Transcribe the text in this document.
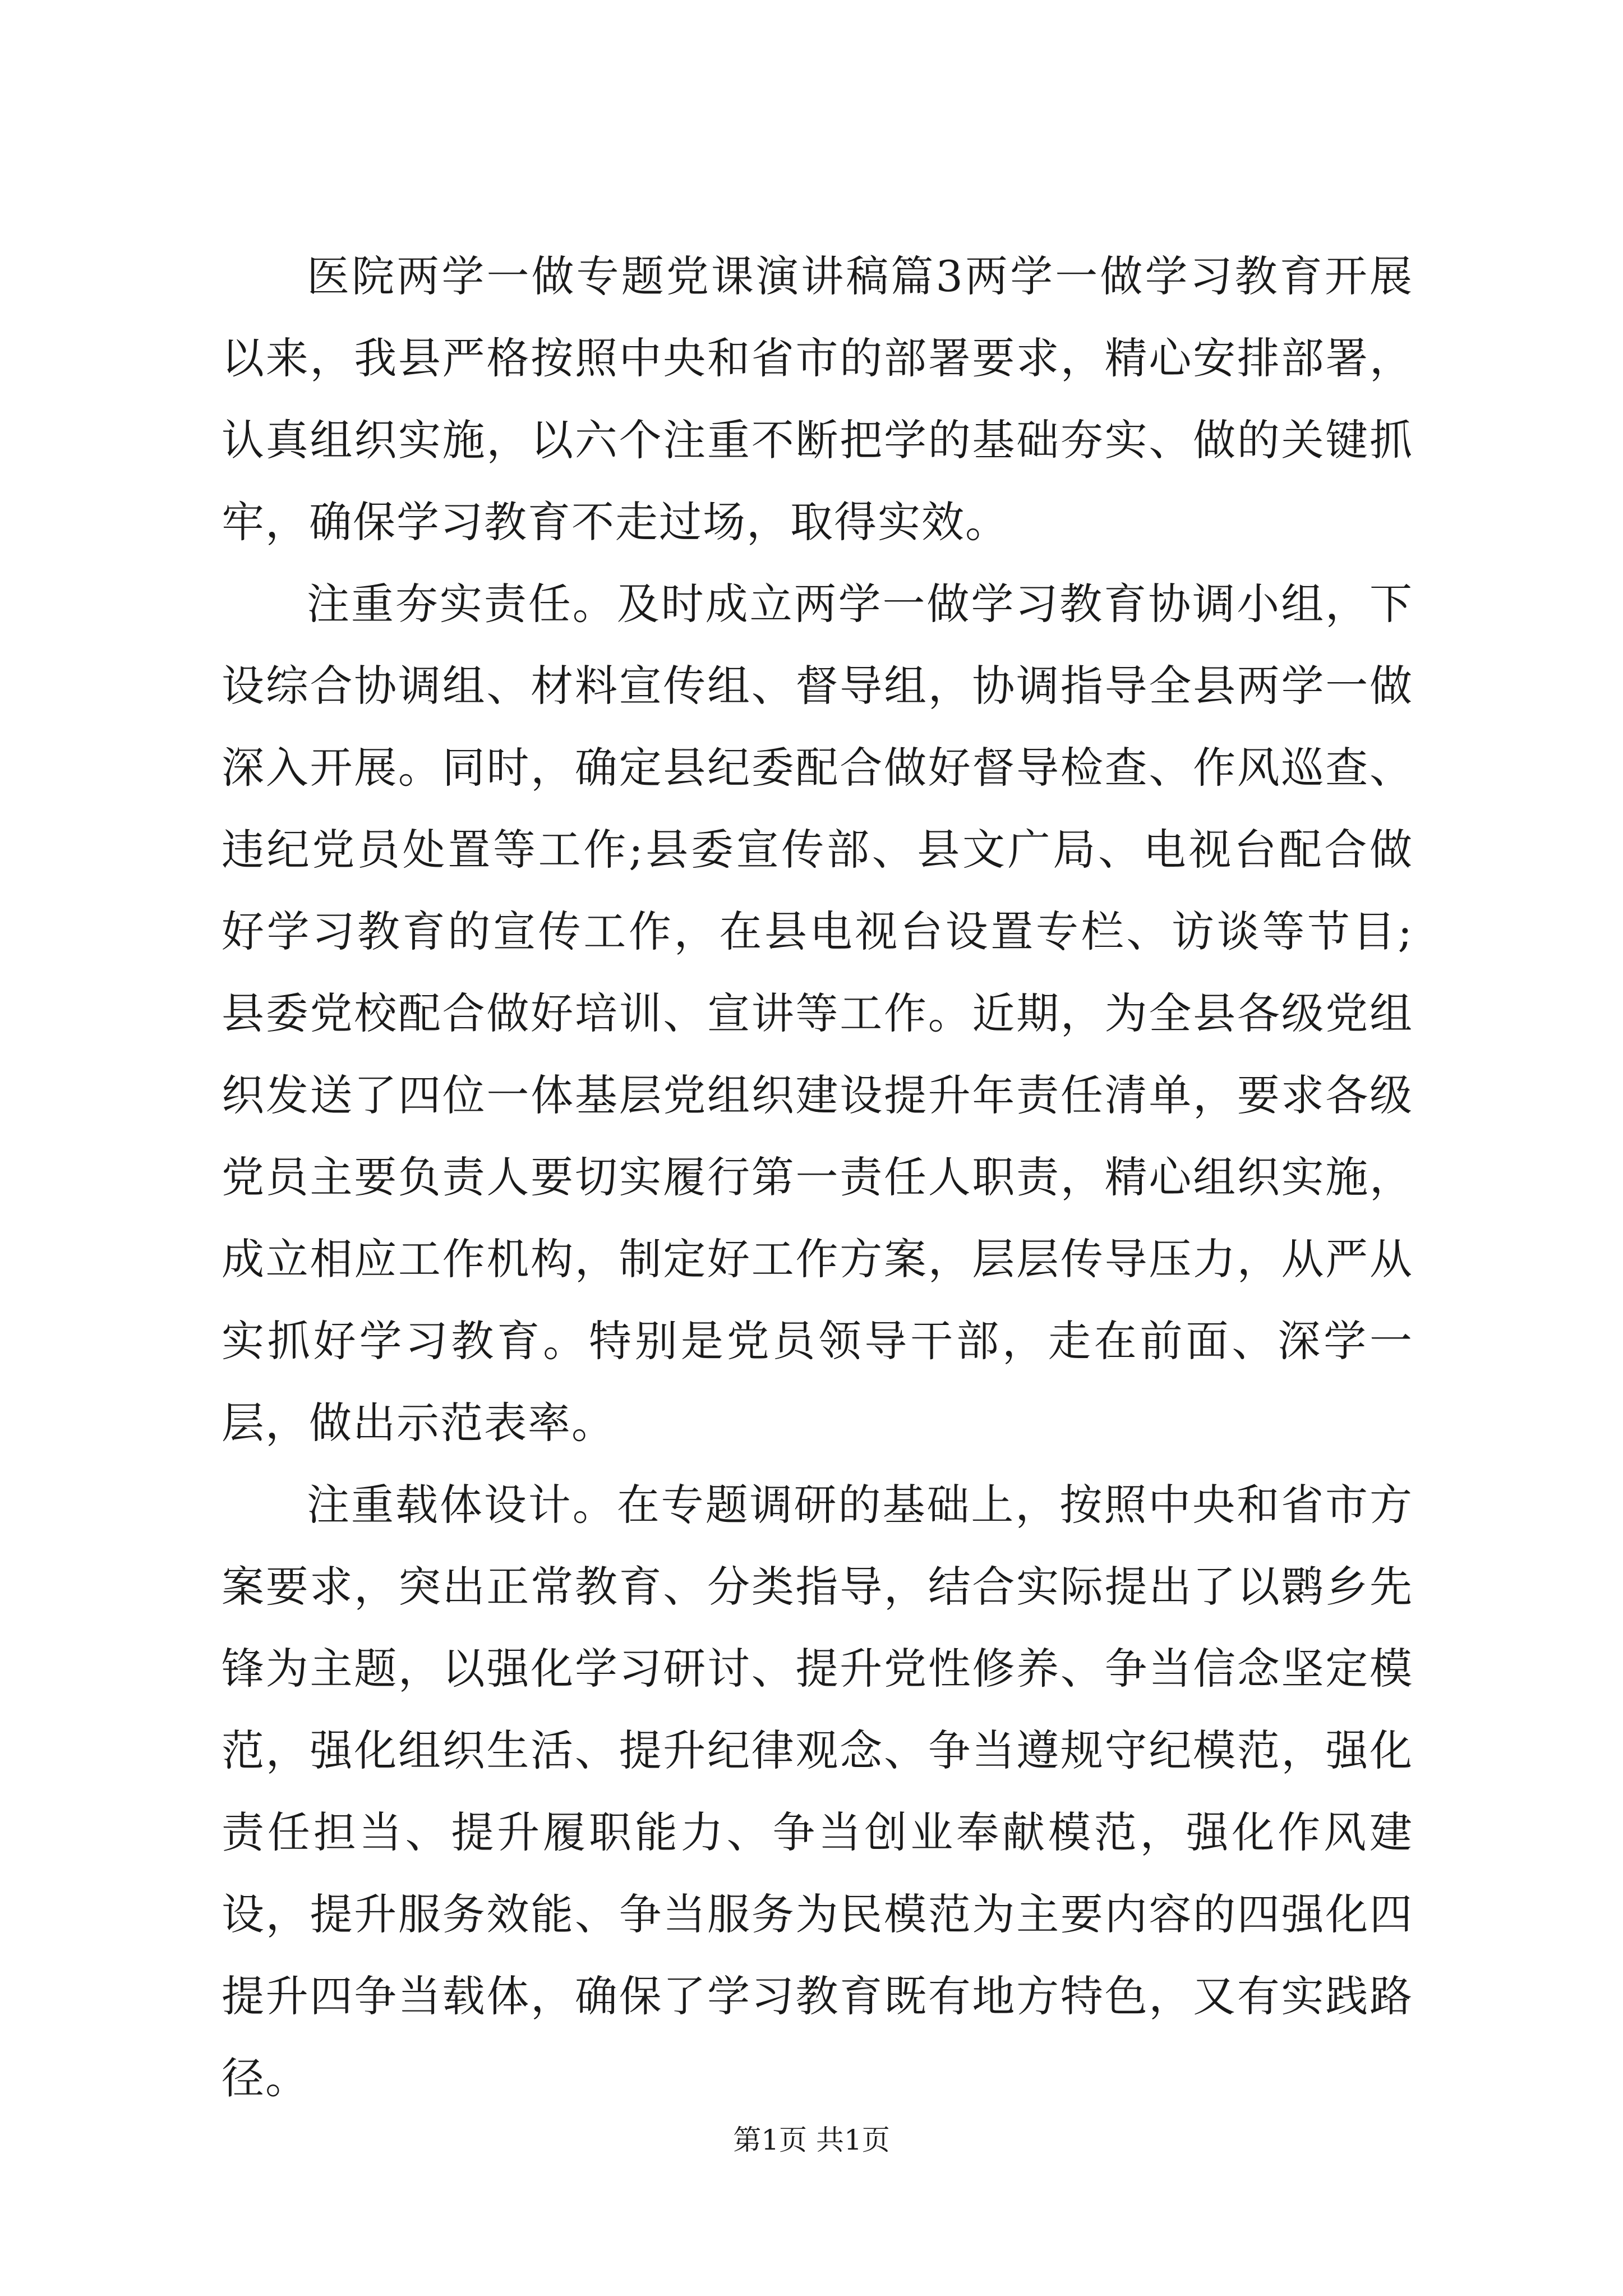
医院两学一做专题党课演讲稿篇3两学一做学习教育开展以来，我县严格按照中央和省市的部署要求，精心安排部署，认真组织实施，以六个注重不断把学的基础夯实、做的关键抓牢，确保学习教育不走过场，取得实效。

注重夯实责任。及时成立两学一做学习教育协调小组，下设综合协调组、材料宣传组、督导组，协调指导全县两学一做深入开展。同时，确定县纪委配合做好督导检查、作风巡查、违纪党员处置等工作;县委宣传部、县文广局、电视台配合做好学习教育的宣传工作，在县电视台设置专栏、访谈等节目;县委党校配合做好培训、宣讲等工作。近期，为全县各级党组织发送了四位一体基层党组织建设提升年责任清单，要求各级党员主要负责人要切实履行第一责任人职责，精心组织实施，成立相应工作机构，制定好工作方案，层层传导压力，从严从实抓好学习教育。特别是党员领导干部，走在前面、深学一层，做出示范表率。

注重载体设计。在专题调研的基础上，按照中央和省市方案要求，突出正常教育、分类指导，结合实际提出了以鹮乡先锋为主题，以强化学习研讨、提升党性修养、争当信念坚定模范，强化组织生活、提升纪律观念、争当遵规守纪模范，强化责任担当、提升履职能力、争当创业奉献模范，强化作风建设，提升服务效能、争当服务为民模范为主要内容的四强化四提升四争当载体，确保了学习教育既有地方特色，又有实践路径。

第1页 共1页
